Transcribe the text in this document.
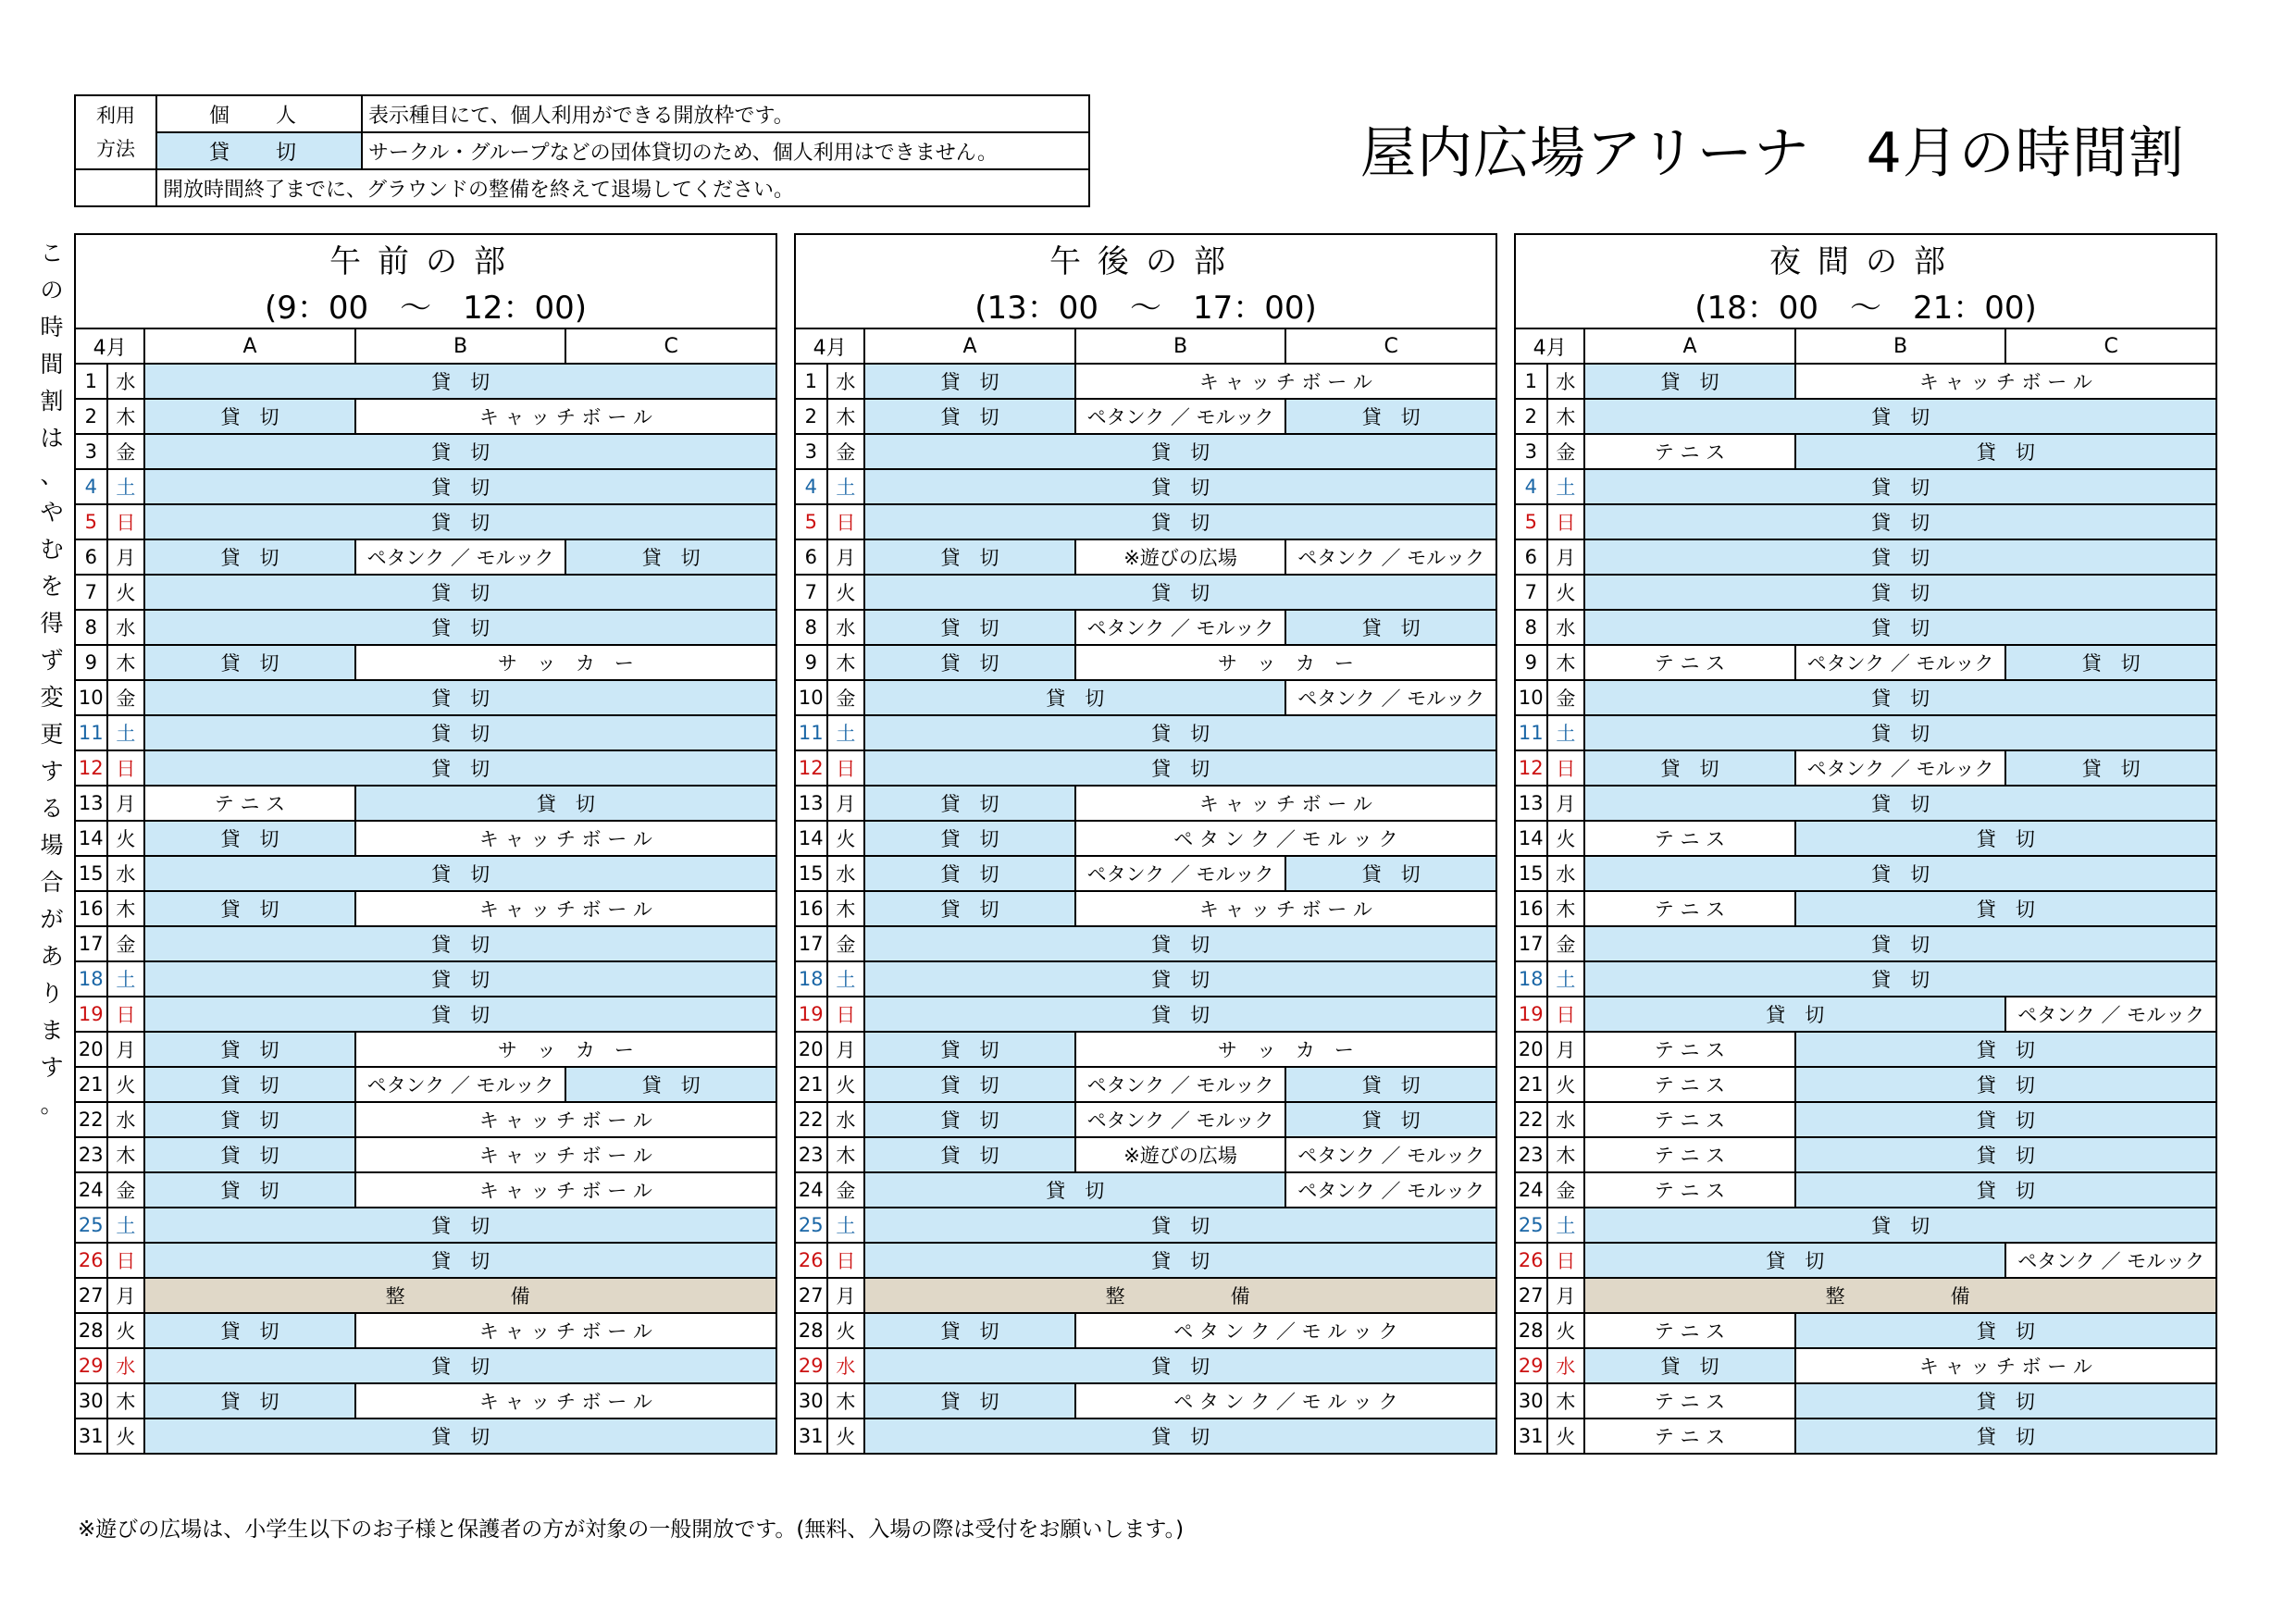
利用
方法	個　人	表示種目にて、個人利用ができる開放枠です。
	貸　切	サークル・グループなどの団体貸切のため、個人利用はできません。
	開放時間終了までに、グラウンドの整備を終えて退場してください。	
屋内広場アリーナ　4月の時間割
こ
の
時
間
割
は
、
や
む
を
得
ず
変
更
す
る
場
合
が
あ
り
ま
す
。
午前の部				
(9：00　～　12：00)				
4月		A	B	C
1	水	貸　切		
2	木	貸　切	キ ャ ッ チ ボ ー ル	
3	金	貸　切		
4	土	貸　切		
5	日	貸　切		
6	月	貸　切	ペタンク ／ モルック	貸　切
7	火	貸　切		
8	水	貸　切		
9	木	貸　切	サ　ッ　カ　ー	
10	金	貸　切		
11	土	貸　切		
12	日	貸　切		
13	月	テ ニ ス	貸　切	
14	火	貸　切	キ ャ ッ チ ボ ー ル	
15	水	貸　切		
16	木	貸　切	キ ャ ッ チ ボ ー ル	
17	金	貸　切		
18	土	貸　切		
19	日	貸　切		
20	月	貸　切	サ　ッ　カ　ー	
21	火	貸　切	ペタンク ／ モルック	貸　切
22	水	貸　切	キ ャ ッ チ ボ ー ル	
23	木	貸　切	キ ャ ッ チ ボ ー ル	
24	金	貸　切	キ ャ ッ チ ボ ー ル	
25	土	貸　切		
26	日	貸　切		
27	月	整　　　　備		
28	火	貸　切	キ ャ ッ チ ボ ー ル	
29	水	貸　切		
30	木	貸　切	キ ャ ッ チ ボ ー ル	
31	火	貸　切		
午後の部				
(13：00　～　17：00)				
4月		A	B	C
1	水	貸　切	キ ャ ッ チ ボ ー ル	
2	木	貸　切	ペタンク ／ モルック	貸　切
3	金	貸　切		
4	土	貸　切		
5	日	貸　切		
6	月	貸　切	※遊びの広場	ペタンク ／ モルック
7	火	貸　切		
8	水	貸　切	ペタンク ／ モルック	貸　切
9	木	貸　切	サ　ッ　カ　ー	
10	金	貸　切		ペタンク ／ モルック
11	土	貸　切		
12	日	貸　切		
13	月	貸　切	キ ャ ッ チ ボ ー ル	
14	火	貸　切	ペ タ ン ク ／ モ ル ッ ク	
15	水	貸　切	ペタンク ／ モルック	貸　切
16	木	貸　切	キ ャ ッ チ ボ ー ル	
17	金	貸　切		
18	土	貸　切		
19	日	貸　切		
20	月	貸　切	サ　ッ　カ　ー	
21	火	貸　切	ペタンク ／ モルック	貸　切
22	水	貸　切	ペタンク ／ モルック	貸　切
23	木	貸　切	※遊びの広場	ペタンク ／ モルック
24	金	貸　切		ペタンク ／ モルック
25	土	貸　切		
26	日	貸　切		
27	月	整　　　　備		
28	火	貸　切	ペ タ ン ク ／ モ ル ッ ク	
29	水	貸　切		
30	木	貸　切	ペ タ ン ク ／ モ ル ッ ク	
31	火	貸　切		
夜間の部				
(18：00　～　21：00)				
4月		A	B	C
1	水	貸　切	キ ャ ッ チ ボ ー ル	
2	木	貸　切		
3	金	テ ニ ス	貸　切	
4	土	貸　切		
5	日	貸　切		
6	月	貸　切		
7	火	貸　切		
8	水	貸　切		
9	木	テ ニ ス	ペタンク ／ モルック	貸　切
10	金	貸　切		
11	土	貸　切		
12	日	貸　切	ペタンク ／ モルック	貸　切
13	月	貸　切		
14	火	テ ニ ス	貸　切	
15	水	貸　切		
16	木	テ ニ ス	貸　切	
17	金	貸　切		
18	土	貸　切		
19	日	貸　切		ペタンク ／ モルック
20	月	テ ニ ス	貸　切	
21	火	テ ニ ス	貸　切	
22	水	テ ニ ス	貸　切	
23	木	テ ニ ス	貸　切	
24	金	テ ニ ス	貸　切	
25	土	貸　切		
26	日	貸　切		ペタンク ／ モルック
27	月	整　　　　備		
28	火	テ ニ ス	貸　切	
29	水	貸　切	キ ャ ッ チ ボ ー ル	
30	木	テ ニ ス	貸　切	
31	火	テ ニ ス	貸　切	
※遊びの広場は、小学生以下のお子様と保護者の方が対象の一般開放です。(無料、入場の際は受付をお願いします。)
